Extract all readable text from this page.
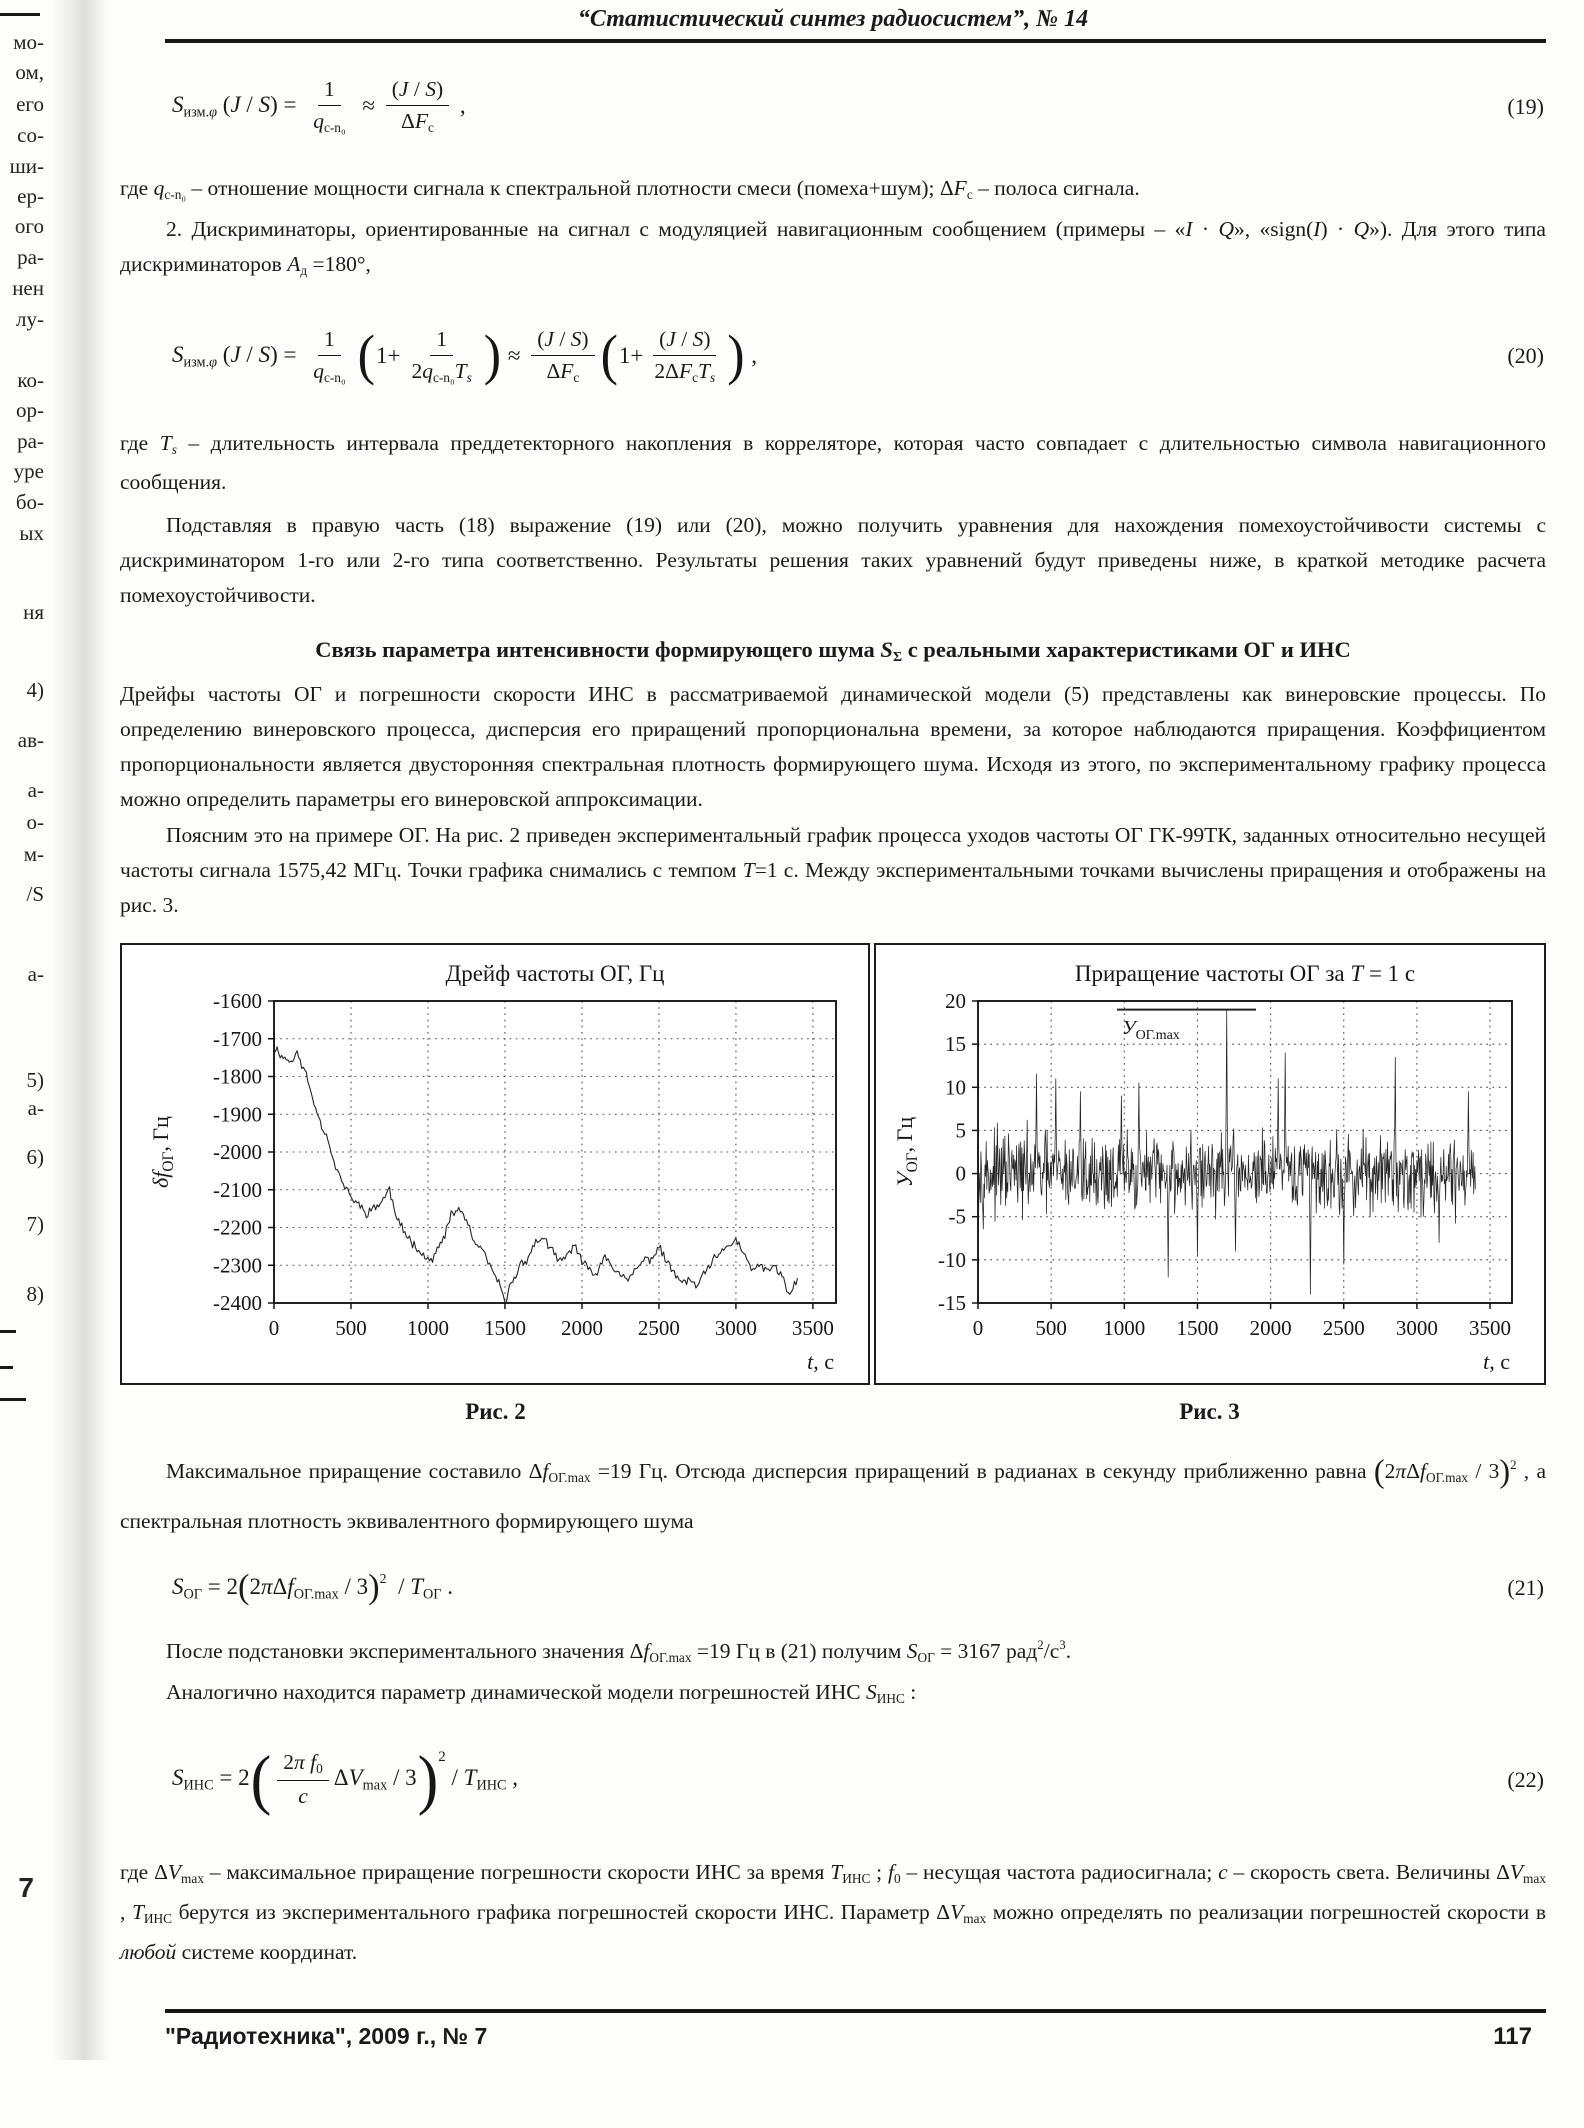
мо-
ом,
его
со-
ши-
ер-
ого
ра-
нен
лу-
ко-
ор-
ра-
уре
бо-
ых
ня
4)
ав-
а-
о-
м-
/S
а-
5)
а-
6)
7)
8)
7
“Статистический синтез радиосистем”, № 14
Sизм.φ $(J / S) = \frac{1}{\text{qс-n₀}} \approx \frac{(J / S)}{\text{ΔFс}}$ ,	(19)

где qс-n₀ – отношение мощности сигнала к спектральной плотности смеси (помеха+шум); ΔFс – полоса сигнала.

2. Дискриминаторы, ориентированные на сигнал с модуляцией навигационным сообщением (примеры – «I · Q», «sign(I) · Q»). Для этого типа дискриминаторов Ад =180°,

Sизм.φ $(J / S) = \frac{1}{\text{qс-n₀}}$ ( $1+ \frac{1}{\text{2qс-n₀Ts}}$ ) ≈ $\frac{(J / S)}{\text{ΔFс}}$ ( $1+ \frac{(J / S)}{\text{2ΔFсTs}}$ ) ,	(20)

где Ts – длительность интервала преддетекторного накопления в корреляторе, которая часто совпадает с длительностью символа навигационного сообщения.

Подставляя в правую часть (18) выражение (19) или (20), можно получить уравнения для нахождения помехоустойчивости системы с дискриминатором 1-го или 2-го типа соответственно. Результаты решения таких уравнений будут приведены ниже, в краткой методике расчета помехоустойчивости.

Связь параметра интенсивности формирующего шума SΣ с реальными характеристиками ОГ и ИНС

Дрейфы частоты ОГ и погрешности скорости ИНС в рассматриваемой динамической модели (5) представлены как винеровские процессы. По определению винеровского процесса, дисперсия его приращений пропорциональна времени, за которое наблюдаются приращения. Коэффициентом пропорциональности является двусторонняя спектральная плотность формирующего шума. Исходя из этого, по экспериментальному графику процесса можно определить параметры его винеровской аппроксимации.

Поясним это на примере ОГ. На рис. 2 приведен экспериментальный график процесса уходов частоты ОГ ГК-99ТК, заданных относительно несущей частоты сигнала 1575,42 МГц. Точки графика снимались с темпом Т=1 с. Между экспериментальными точками вычислены приращения и отображены на рис. 3.

-1600
-1700
-1800
-1900
-2000
-2100
-2200
-2300
-2400
0	500 1000 1500 2000 2500 3000 3500
Дрейф частоты ОГ, Гц
t, с
$\delta f_{ОГ}$, Гц
20
15
10
5
0
-5
-10
-15
0 500 1000 1500 2000 2500 3000 3500
Приращение частоты ОГ за Т = 1 с
t, с
$У_{ОГ}$, Гц
$У_{ОГ.max}$
Рис. 2	Рис. 3

Максимальное приращение составило ΔfОГ.max =19 Гц. Отсюда дисперсия приращений в радианах в секунду приближенно равна (2πΔfОГ.max / 3)$^2$ , а спектральная плотность эквивалентного формирующего шума

SОГ = 2(2πΔfОГ.max / 3)$^2$  / TОГ .	(21)

После подстановки экспериментального значения ΔfОГ.max =19 Гц в (21) получим SОГ = 3167 $рад^2/с^3$.

Аналогично находится параметр динамической модели погрешностей ИНС SИНС :

SИНС = 2 ( $\frac{\text{2π f0}}{c}$ ΔVmax / 3 ) 2
/ TИНС ,	(22)

где ΔVmax – максимальное приращение погрешности скорости ИНС за время ТИНС ; f0 – несущая частота радиосигнала; c – скорость света. Величины ΔVmax , ТИНС берутся из экспериментального графика погрешностей скорости ИНС. Параметр ΔVmax можно определять по реализации погрешностей скорости в любой системе координат.

"Радиотехника", 2009 г., № 7	117
